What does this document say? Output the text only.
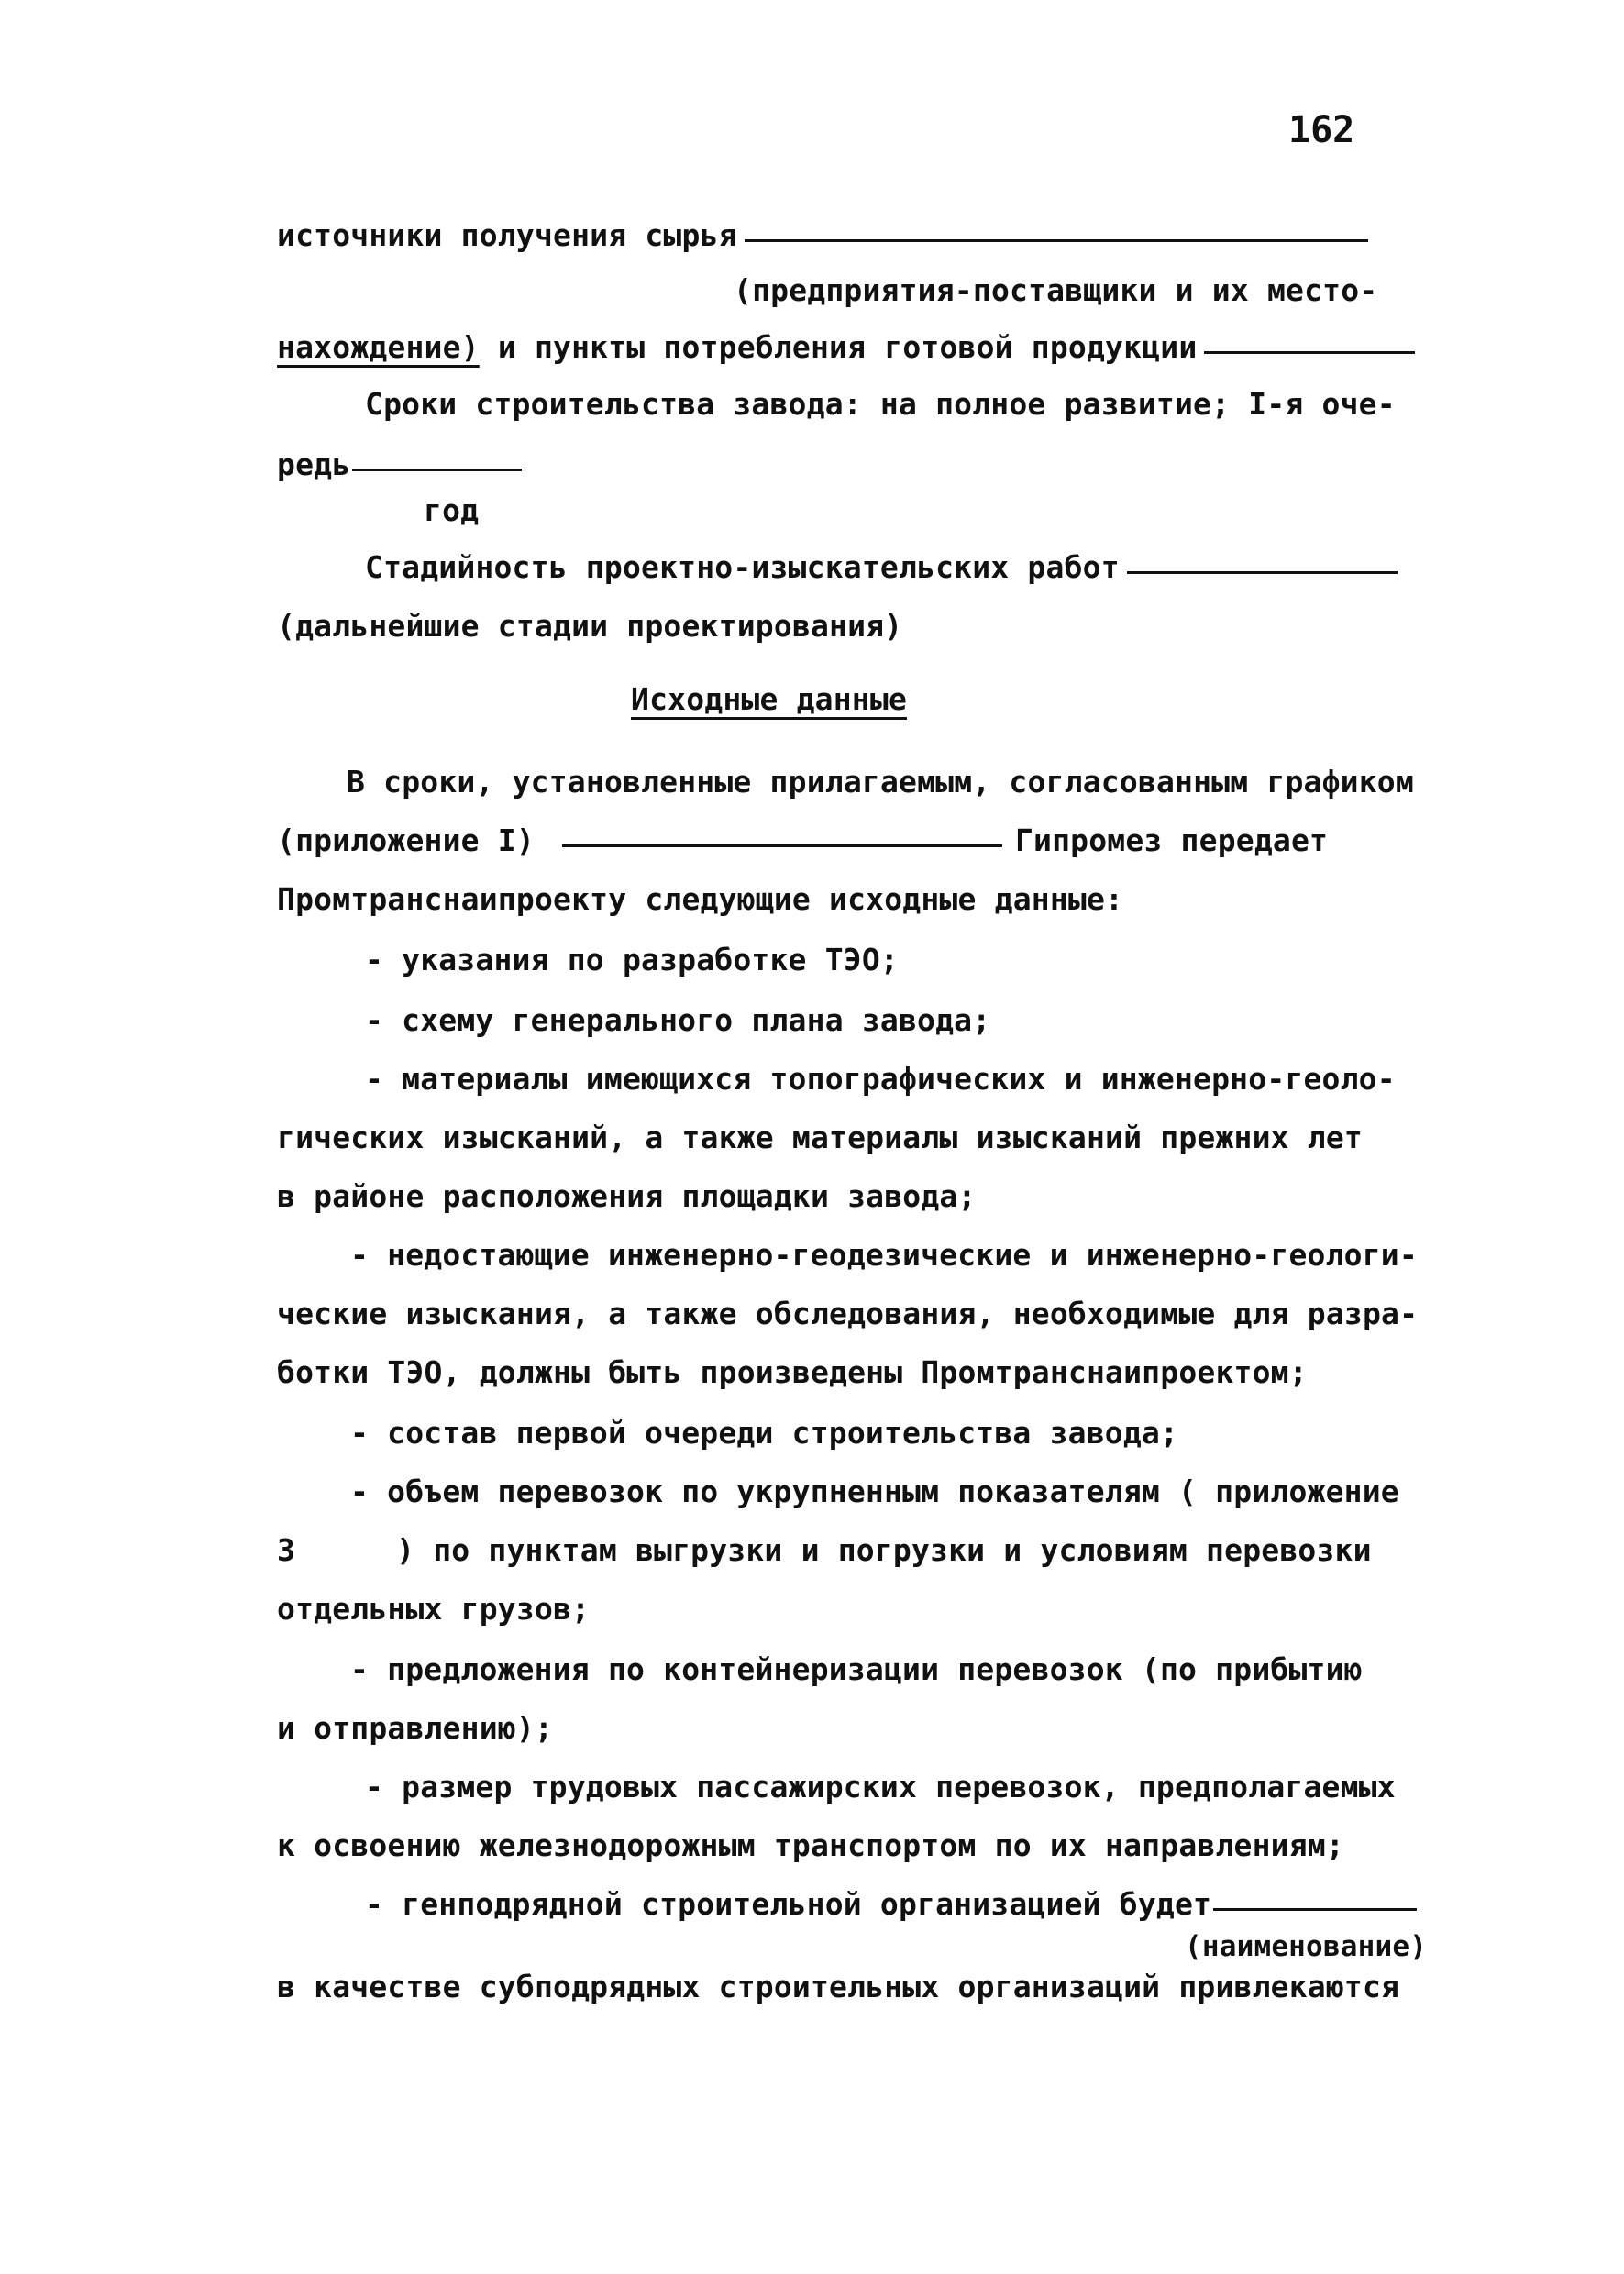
162
источники получения сырья
(предприятия-поставщики и их место-
нахождение) и пункты потребления готовой продукции
Сроки строительства завода: на полное развитие; I-я оче-
редь
год
Стадийность проектно-изыскательских работ
(дальнейшие стадии проектирования)
Исходные данные
В сроки, установленные прилагаемым, согласованным графиком
(приложение I)	Гипромез передает
Промтранснаипроекту следующие исходные данные:
- указания по разработке ТЭО;
- схему генерального плана завода;
- материалы имеющихся топографических и инженерно-геоло-
гических изысканий, а также материалы изысканий прежних лет
в районе расположения площадки завода;
- недостающие инженерно-геодезические и инженерно-геологи-
ческие изыскания, а также обследования, необходимые для разра-
ботки ТЭО, должны быть произведены Промтранснаипроектом;
- состав первой очереди строительства завода;
- объем перевозок по укрупненным показателям ( приложение
3	) по пунктам выгрузки и погрузки и условиям перевозки
отдельных грузов;
- предложения по контейнеризации перевозок (по прибытию
и отправлению);
- размер трудовых пассажирских перевозок, предполагаемых
к освоению железнодорожным транспортом по их направлениям;
- генподрядной строительной организацией будет
(наименование)
в качестве субподрядных строительных организаций привлекаются
